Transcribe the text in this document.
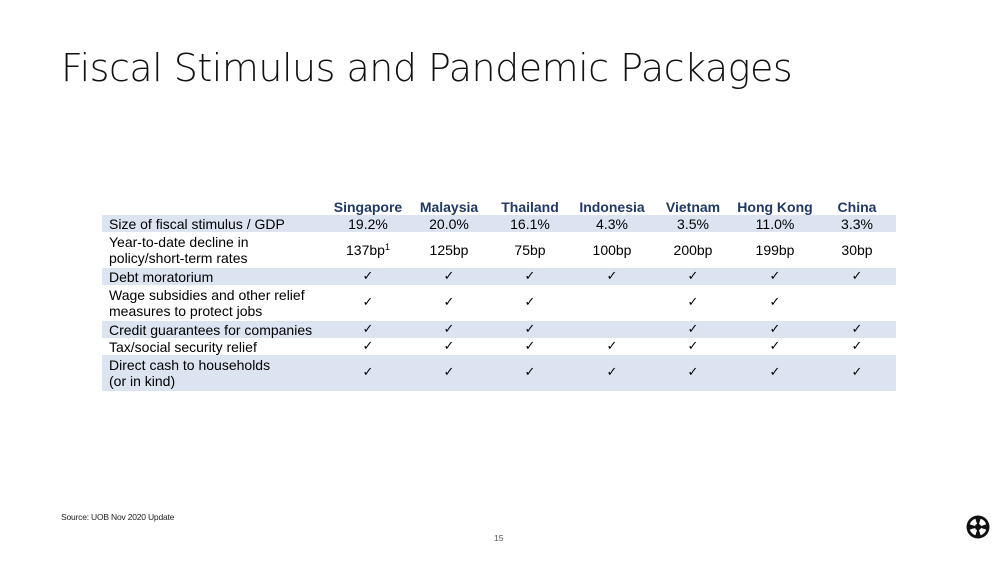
Fiscal Stimulus and Pandemic Packages
	Singapore	Malaysia	Thailand	Indonesia	Vietnam	Hong Kong	China
Size of fiscal stimulus / GDP	19.2%	20.0%	16.1%	4.3%	3.5%	11.0%	3.3%
Year-to-date decline in
policy/short-term rates	$137bp^1$	125bp	75bp	100bp	200bp	199bp	30bp
Debt moratorium	✓	✓	✓	✓	✓	✓	✓
Wage subsidies and other relief
measures to protect jobs	✓	✓	✓		✓	✓	
Credit guarantees for companies	✓	✓	✓		✓	✓	✓
Tax/social security relief	✓	✓	✓	✓	✓	✓	✓
Direct cash to households
(or in kind)	✓	✓	✓	✓	✓	✓	✓
Source: UOB Nov 2020 Update
15
